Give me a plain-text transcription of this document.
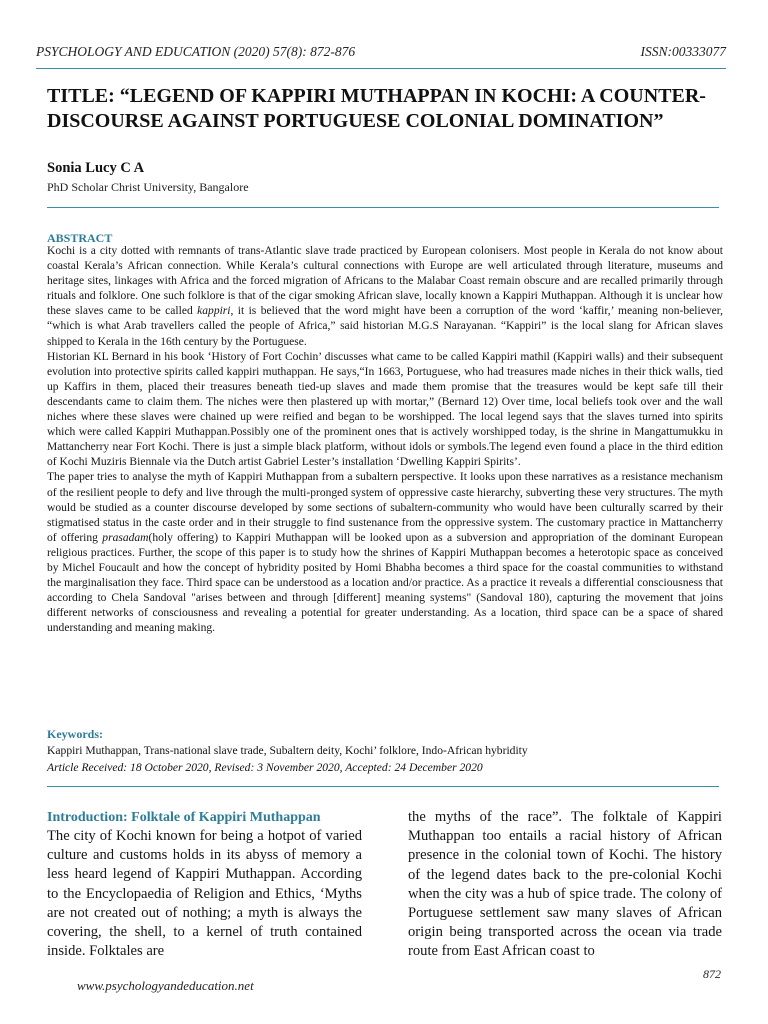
PSYCHOLOGY AND EDUCATION (2020) 57(8): 872-876	ISSN:00333077
TITLE: “LEGEND OF KAPPIRI MUTHAPPAN IN KOCHI: A COUNTER-DISCOURSE AGAINST PORTUGUESE COLONIAL DOMINATION”
Sonia Lucy C A
PhD Scholar Christ University, Bangalore
ABSTRACT

Kochi is a city dotted with remnants of trans-Atlantic slave trade practiced by European colonisers. Most people in Kerala do not know about coastal Kerala’s African connection. While Kerala’s cultural connections with Europe are well articulated through literature, museums and heritage sites, linkages with Africa and the forced migration of Africans to the Malabar Coast remain obscure and are recalled primarily through rituals and folklore. One such folklore is that of the cigar smoking African slave, locally known a Kappiri Muthappan. Although it is unclear how these slaves came to be called kappiri, it is believed that the word might have been a corruption of the word ‘kaffir,’ meaning non-believer, “which is what Arab travellers called the people of Africa,” said historian M.G.S Narayanan. “Kappiri” is the local slang for African slaves shipped to Kerala in the 16th century by the Portuguese.

Historian KL Bernard in his book ‘History of Fort Cochin’ discusses what came to be called Kappiri mathil (Kappiri walls) and their subsequent evolution into protective spirits called kappiri muthappan. He says,“In 1663, Portuguese, who had treasures made niches in their thick walls, tied up Kaffirs in them, placed their treasures beneath tied-up slaves and made them promise that the treasures would be kept safe till their descendants came to claim them. The niches were then plastered up with mortar,” (Bernard 12) Over time, local beliefs took over and the wall niches where these slaves were chained up were reified and began to be worshipped. The local legend says that the slaves turned into spirits which were called Kappiri Muthappan.Possibly one of the prominent ones that is actively worshipped today, is the shrine in Mangattumukku in Mattancherry near Fort Kochi. There is just a simple black platform, without idols or symbols.The legend even found a place in the third edition of Kochi Muziris Biennale via the Dutch artist Gabriel Lester’s installation ‘Dwelling Kappiri Spirits’.

The paper tries to analyse the myth of Kappiri Muthappan from a subaltern perspective. It looks upon these narratives as a resistance mechanism of the resilient people to defy and live through the multi-pronged system of oppressive caste hierarchy, subverting these very structures. The myth would be studied as a counter discourse developed by some sections of subaltern-community who would have been culturally scarred by their stigmatised status in the caste order and in their struggle to find sustenance from the oppressive system. The customary practice in Mattancherry of offering prasadam(holy offering) to Kappiri Muthappan will be looked upon as a subversion and appropriation of the dominant European religious practices. Further, the scope of this paper is to study how the shrines of Kappiri Muthappan becomes a heterotopic space as conceived by Michel Foucault and how the concept of hybridity posited by Homi Bhabha becomes a third space for the coastal communities to withstand the marginalisation they face. Third space can be understood as a location and/or practice. As a practice it reveals a differential consciousness that according to Chela Sandoval "arises between and through [different] meaning systems" (Sandoval 180), capturing the movement that joins different networks of consciousness and revealing a potential for greater understanding. As a location, third space can be a space of shared understanding and meaning making.

Keywords:
Kappiri Muthappan, Trans-national slave trade, Subaltern deity, Kochi’ folklore, Indo-African hybridity
Article Received: 18 October 2020, Revised: 3 November 2020, Accepted: 24 December 2020
Introduction: Folktale of Kappiri Muthappan

The city of Kochi known for being a hotpot of varied culture and customs holds in its abyss of memory a less heard legend of Kappiri Muthappan. According to the Encyclopaedia of Religion and Ethics, ‘Myths are not created out of nothing; a myth is always the covering, the shell, to a kernel of truth contained inside. Folktales are

the myths of the race”. The folktale of Kappiri Muthappan too entails a racial history of African presence in the colonial town of Kochi. The history of the legend dates back to the pre-colonial Kochi when the city was a hub of spice trade. The colony of Portuguese settlement saw many slaves of African origin being transported across the ocean via trade route from East African coast to

872
www.psychologyandeducation.net
